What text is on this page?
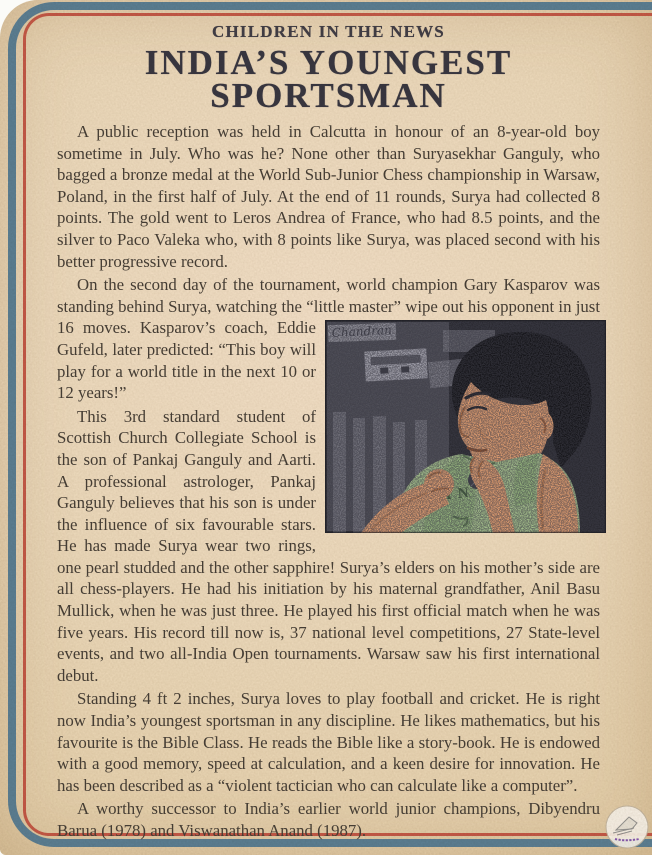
CHILDREN IN THE NEWS
INDIA’S YOUNGEST
SPORTSMAN
A public reception was held in Calcutta in honour of an 8-year-old boy sometime in July. Who was he? None other than Suryasekhar Ganguly, who bagged a bronze medal at the World Sub-Junior Chess championship in Warsaw, Poland, in the first half of July. At the end of 11 rounds, Surya had collected 8 points. The gold went to Leros Andrea of France, who had 8.5 points, and the silver to Paco Valeka who, with 8 points like Surya, was placed second with his better progressive record.
On the second day of the tournament, world champion Gary Kasparov was standing behind Surya, watching the “little master” wipe out his opponent in just 16 moves. Kasparov’s coach, Eddie Gufeld, later predicted: “This boy will play for a world title in the next 10 or 12 years!”
This 3rd standard student of Scottish Church Collegiate School is the son of Pankaj Ganguly and Aarti. A professional astrologer, Pankaj Ganguly believes that his son is under the influence of six favourable stars. He has made Surya wear two rings, one pearl studded and the other sapphire! Surya’s elders on his mother’s side are all chess-players. He had his initiation by his maternal grandfather, Anil Basu Mullick, when he was just three. He played his first official match when he was five years. His record till now is, 37 national level competitions, 27 State-level events, and two all-India Open tournaments. Warsaw saw his first international debut.
Standing 4 ft 2 inches, Surya loves to play football and cricket. He is right now India’s youngest sportsman in any discipline. He likes mathematics, but his favourite is the Bible Class. He reads the Bible like a story-book. He is endowed with a good memory, speed at calculation, and a keen desire for innovation. He has been described as a “violent tactician who can calculate like a computer”.
A worthy successor to India’s earlier world junior champions, Dibyendru Barua (1978) and Viswanathan Anand (1987).
